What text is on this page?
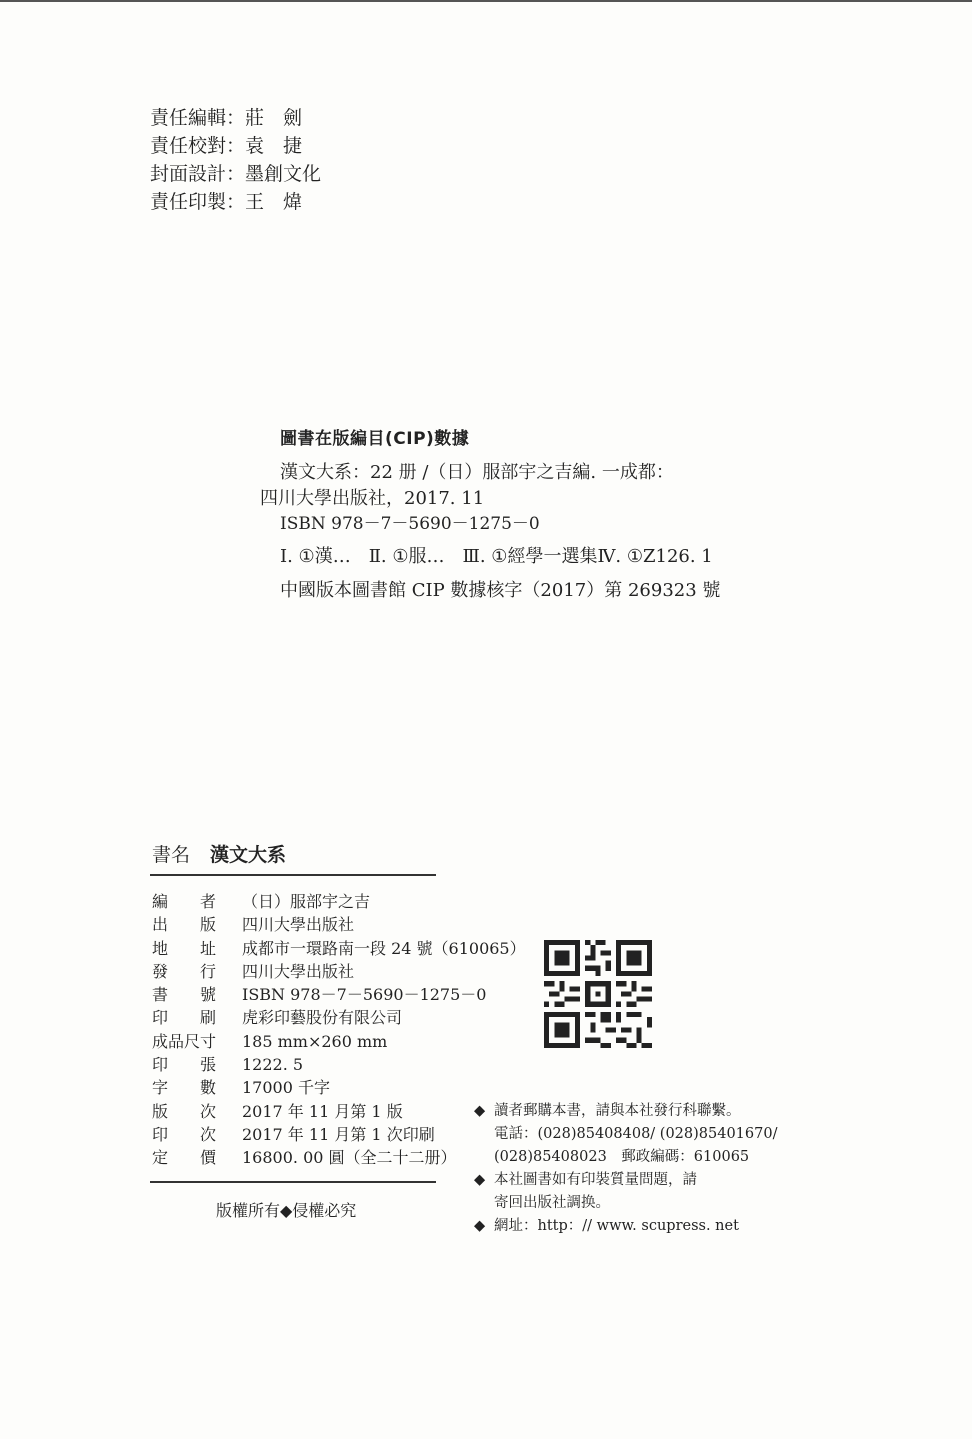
責任編輯：莊　劍
責任校對：袁　捷
封面設計：墨創文化
責任印製：王　煒
圖書在版編目(CIP)數據
漢文大系：22 册 /（日）服部宇之吉編. 一成都：
四川大學出版社，2017. 11
ISBN 978－7－5690－1275－0
Ⅰ. ①漢…　Ⅱ. ①服…　Ⅲ. ①經學一選集Ⅳ. ①Z126. 1
中國版本圖書館 CIP 數據核字（2017）第 269323 號
書名 漢文大系
編　　者 （日）服部宇之吉
出　　版 四川大學出版社
地　　址 成都市一環路南一段 24 號（610065）
發　　行 四川大學出版社
書　　號 ISBN 978－7－5690－1275－0
印　　刷 虎彩印藝股份有限公司
成品尺寸 185 mm×260 mm
印　　張 1222. 5
字　　數 17000 千字
版　　次 2017 年 11 月第 1 版
印　　次 2017 年 11 月第 1 次印刷
定　　價 16800. 00 圓（全二十二册）
版權所有◆侵權必究
◆ 讀者郵購本書，請與本社發行科聯繫。
電話：(028)85408408/ (028)85401670/
(028)85408023　郵政編碼：610065
◆ 本社圖書如有印裝質量問題，請
寄回出版社調换。
◆ 網址：http：// www. scupress. net
